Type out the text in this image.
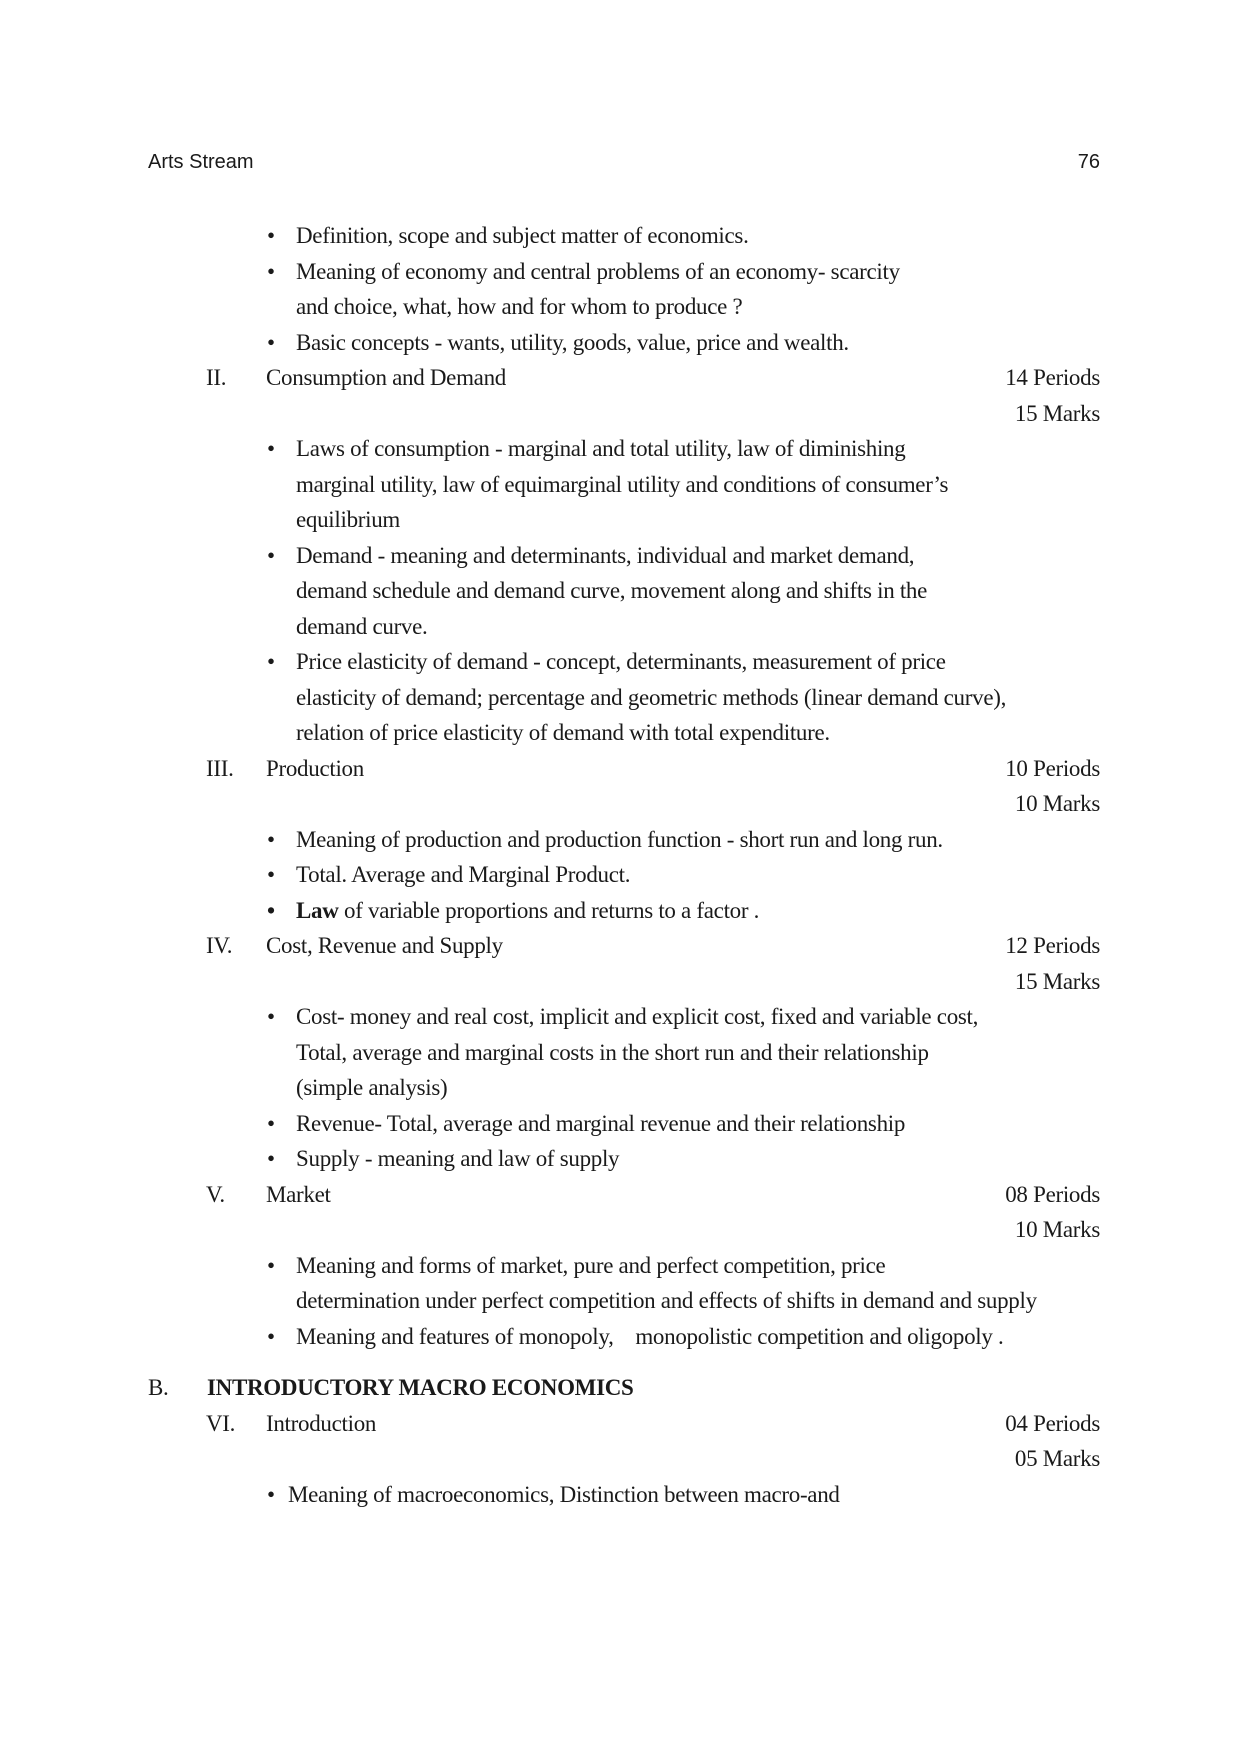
Arts Stream	76
• Definition, scope and subject matter of economics.
• Meaning of economy and central problems of an economy- scarcity
and choice, what, how and for whom to produce ?
• Basic concepts - wants, utility, goods, value, price and wealth.
II. Consumption and Demand	14 Periods
15 Marks
• Laws of consumption - marginal and total utility, law of diminishing
marginal utility, law of equimarginal utility and conditions of consumer’s
equilibrium
• Demand - meaning and determinants, individual and market demand,
demand schedule and demand curve, movement along and shifts in the
demand curve.
• Price elasticity of demand - concept, determinants, measurement of price
elasticity of demand; percentage and geometric methods (linear demand curve),
relation of price elasticity of demand with total expenditure.
III. Production	10 Periods
10 Marks
• Meaning of production and production function - short run and long run.
• Total. Average and Marginal Product.
• Law of variable proportions and returns to a factor .
IV. Cost, Revenue and Supply	12 Periods
15 Marks
• Cost- money and real cost, implicit and explicit cost, fixed and variable cost,
Total, average and marginal costs in the short run and their relationship
(simple analysis)
• Revenue- Total, average and marginal revenue and their relationship
• Supply - meaning and law of supply
V. Market	08 Periods
10 Marks
• Meaning and forms of market, pure and perfect competition, price
determination under perfect competition and effects of shifts in demand and supply
• Meaning and features of monopoly,    monopolistic competition and oligopoly .
B. INTRODUCTORY MACRO ECONOMICS
VI. Introduction	04 Periods
05 Marks
• Meaning of macroeconomics, Distinction between macro-and
